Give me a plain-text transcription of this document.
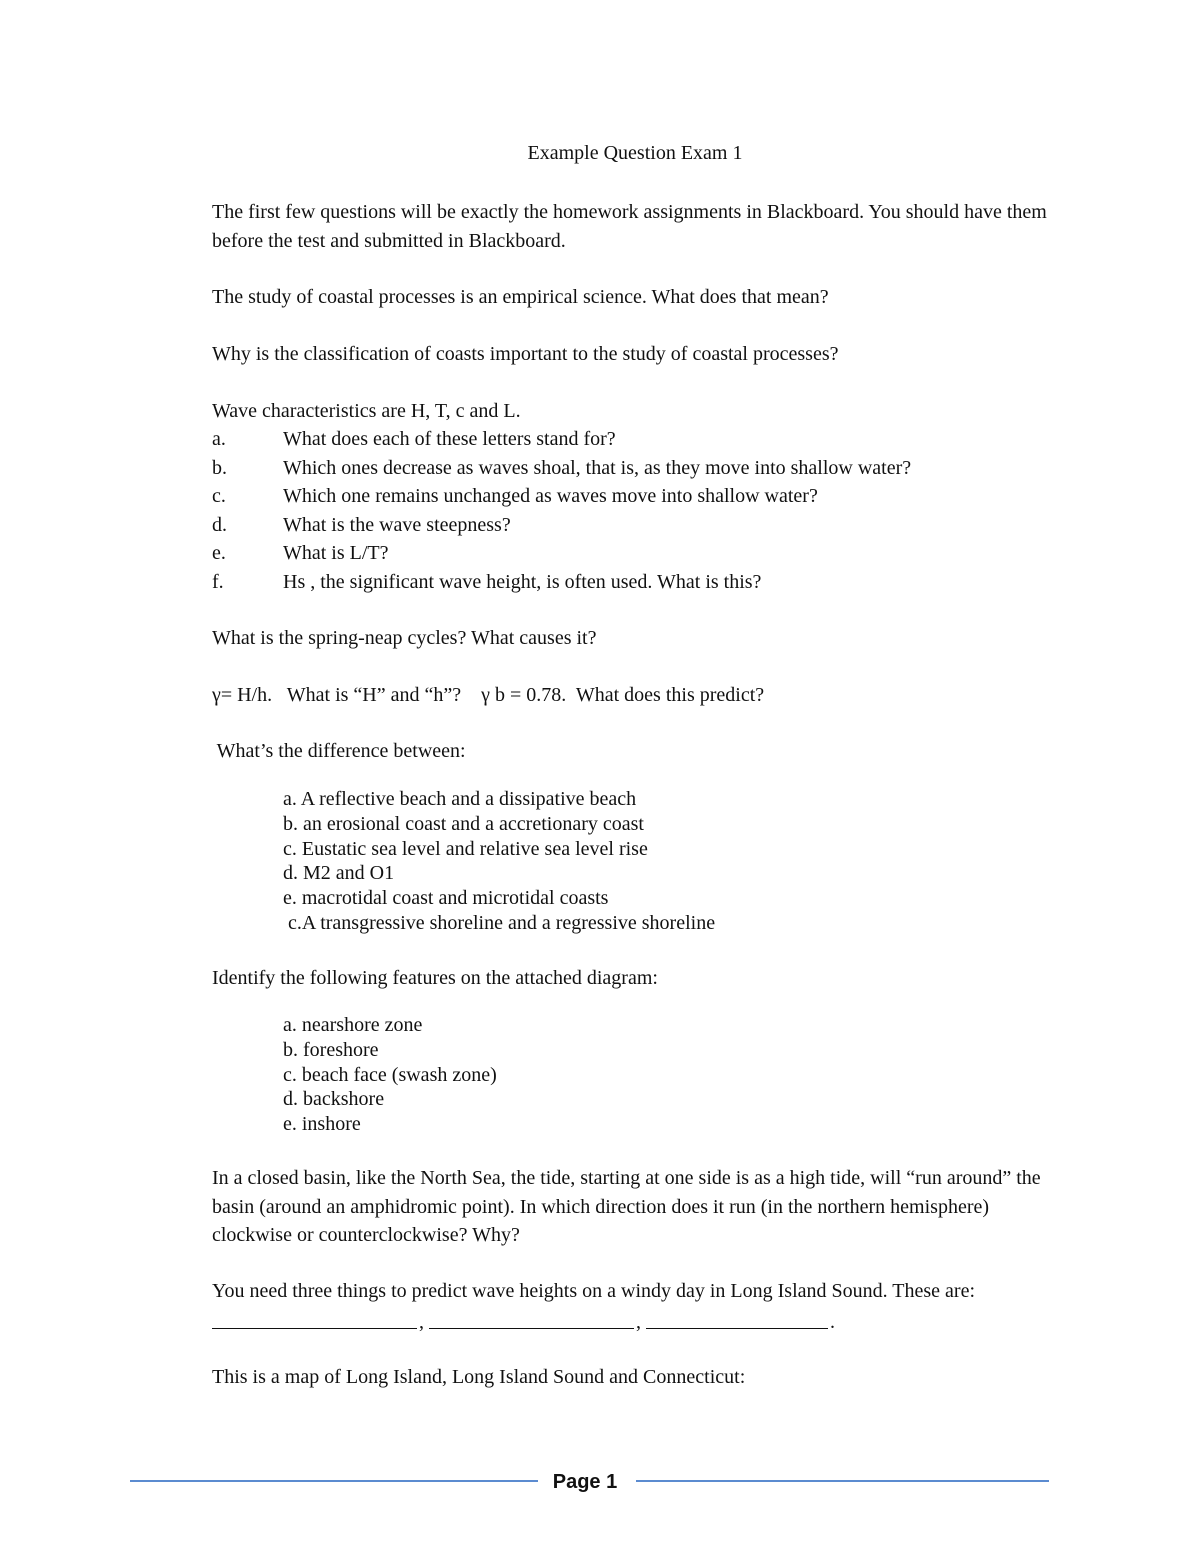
Example Question Exam 1
The first few questions will be exactly the homework assignments in Blackboard. You should have them before the test and submitted in Blackboard.
The study of coastal processes is an empirical science. What does that mean?
Why is the classification of coasts important to the study of coastal processes?
Wave characteristics are H, T, c and L.
a.	What does each of these letters stand for?
b.	Which ones decrease as waves shoal, that is, as they move into shallow water?
c.	Which one remains unchanged as waves move into shallow water?
d.	What is the wave steepness?
e.	What is L/T?
f.	Hs , the significant wave height, is often used. What is this?
What is the spring-neap cycles? What causes it?
γ= H/h.   What is “H” and “h”?    γ b = 0.78.  What does this predict?
What’s the difference between:
a. A reflective beach and a dissipative beach
b. an erosional coast and a accretionary coast
c. Eustatic sea level and relative sea level rise
d. M2 and O1
e. macrotidal coast and microtidal coasts
c.A transgressive shoreline and a regressive shoreline
Identify the following features on the attached diagram:
a. nearshore zone
b. foreshore
c. beach face (swash zone)
d. backshore
e. inshore
In a closed basin, like the North Sea, the tide, starting at one side is as a high tide, will “run around” the basin (around an amphidromic point). In which direction does it run (in the northern hemisphere) clockwise or counterclockwise? Why?
You need three things to predict wave heights on a windy day in Long Island Sound. These are:
,	,	.
This is a map of Long Island, Long Island Sound and Connecticut:
Page 1
